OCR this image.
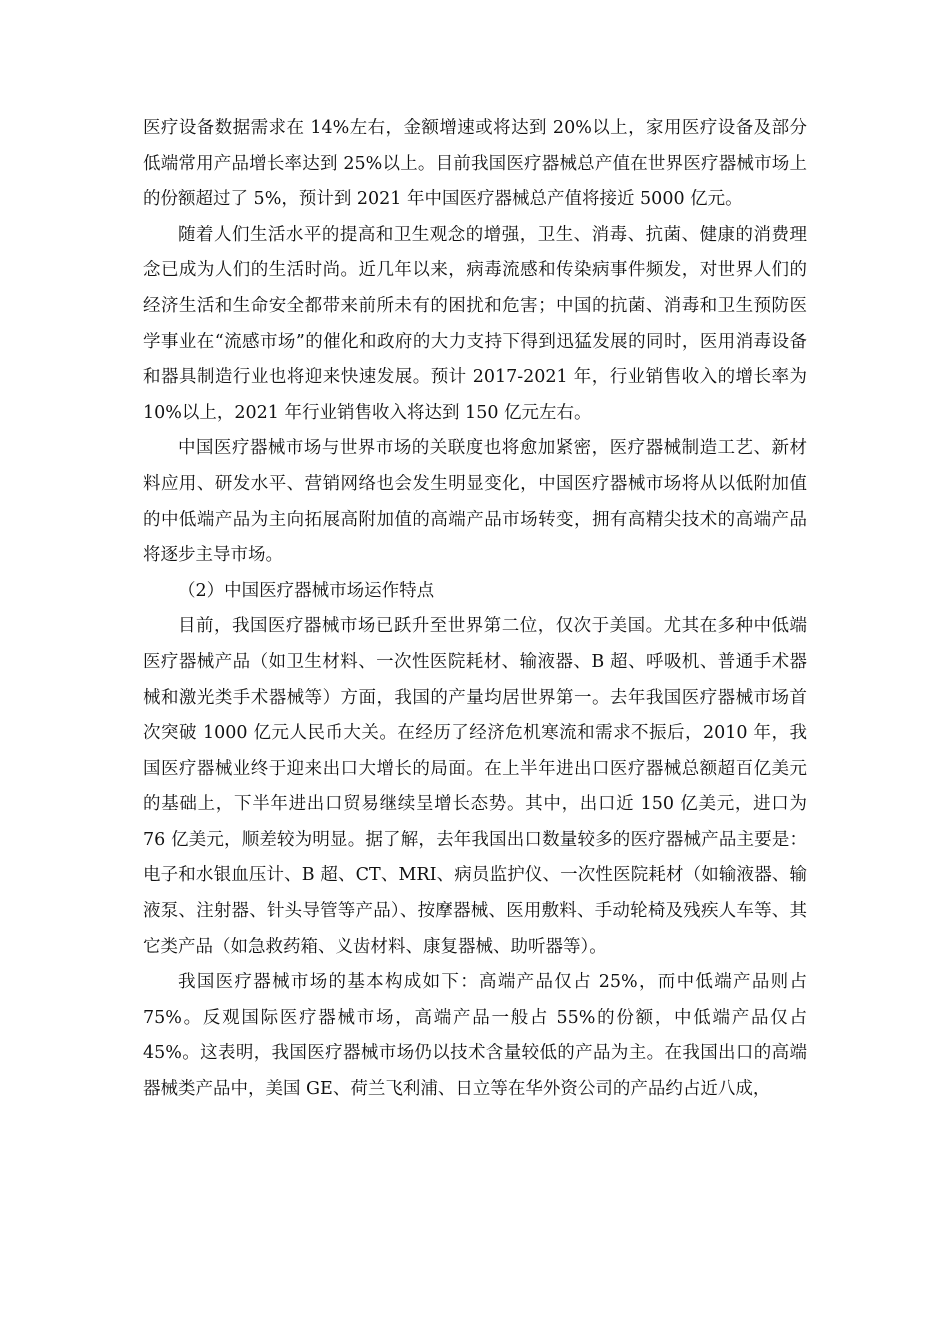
医疗设备数据需求在 14%左右，金额增速或将达到 20%以上，家用医疗设备及部分低端常用产品增长率达到 25%以上。目前我国医疗器械总产值在世界医疗器械市场上的份额超过了 5%，预计到 2021 年中国医疗器械总产值将接近 5000 亿元。

随着人们生活水平的提高和卫生观念的增强，卫生、消毒、抗菌、健康的消费理念已成为人们的生活时尚。近几年以来，病毒流感和传染病事件频发，对世界人们的经济生活和生命安全都带来前所未有的困扰和危害；中国的抗菌、消毒和卫生预防医学事业在“流感市场”的催化和政府的大力支持下得到迅猛发展的同时，医用消毒设备和器具制造行业也将迎来快速发展。预计 2017-2021 年，行业销售收入的增长率为 10%以上，2021 年行业销售收入将达到 150 亿元左右。

中国医疗器械市场与世界市场的关联度也将愈加紧密，医疗器械制造工艺、新材料应用、研发水平、营销网络也会发生明显变化，中国医疗器械市场将从以低附加值的中低端产品为主向拓展高附加值的高端产品市场转变，拥有高精尖技术的高端产品将逐步主导市场。

（2）中国医疗器械市场运作特点

目前，我国医疗器械市场已跃升至世界第二位，仅次于美国。尤其在多种中低端医疗器械产品（如卫生材料、一次性医院耗材、输液器、B 超、呼吸机、普通手术器械和激光类手术器械等）方面，我国的产量均居世界第一。去年我国医疗器械市场首次突破 1000 亿元人民币大关。在经历了经济危机寒流和需求不振后，2010 年，我国医疗器械业终于迎来出口大增长的局面。在上半年进出口医疗器械总额超百亿美元的基础上，下半年进出口贸易继续呈增长态势。其中，出口近 150 亿美元，进口为 76 亿美元，顺差较为明显。据了解，去年我国出口数量较多的医疗器械产品主要是：电子和水银血压计、B 超、CT、MRI、病员监护仪、一次性医院耗材（如输液器、输液泵、注射器、针头导管等产品）、按摩器械、医用敷料、手动轮椅及残疾人车等、其它类产品（如急救药箱、义齿材料、康复器械、助听器等）。

我国医疗器械市场的基本构成如下：高端产品仅占 25%，而中低端产品则占 75%。反观国际医疗器械市场，高端产品一般占 55%的份额，中低端产品仅占 45%。这表明，我国医疗器械市场仍以技术含量较低的产品为主。在我国出口的高端器械类产品中，美国 GE、荷兰飞利浦、日立等在华外资公司的产品约占近八成，
